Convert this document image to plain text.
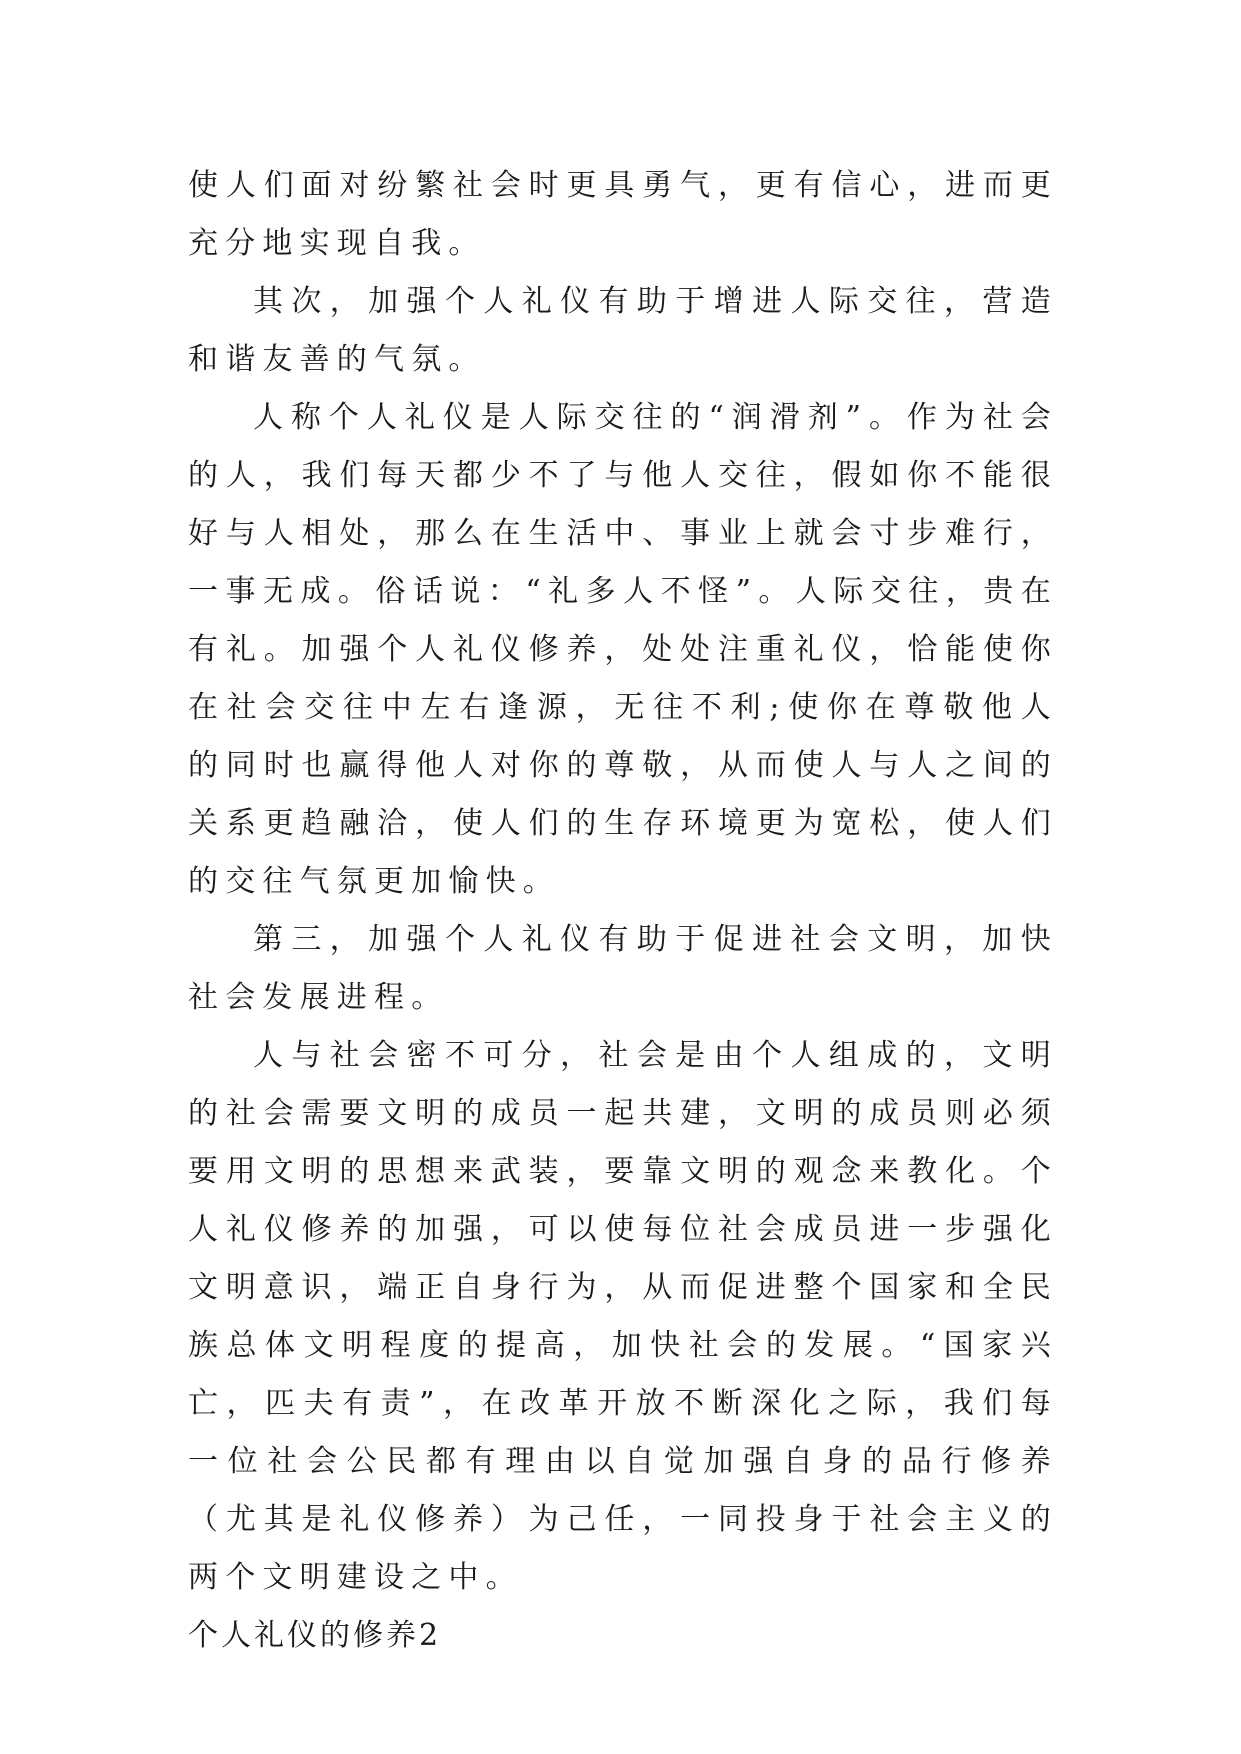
使人们面对纷繁社会时更具勇气，更有信心，进而更充分地实现自我。

其次，加强个人礼仪有助于增进人际交往，营造和谐友善的气氛。

人称个人礼仪是人际交往的“润滑剂”。作为社会的人，我们每天都少不了与他人交往，假如你不能很好与人相处，那么在生活中、事业上就会寸步难行，一事无成。俗话说：“礼多人不怪”。人际交往，贵在有礼。加强个人礼仪修养，处处注重礼仪，恰能使你在社会交往中左右逢源，无往不利;使你在尊敬他人的同时也赢得他人对你的尊敬，从而使人与人之间的关系更趋融洽，使人们的生存环境更为宽松，使人们的交往气氛更加愉快。

第三，加强个人礼仪有助于促进社会文明，加快社会发展进程。

人与社会密不可分，社会是由个人组成的，文明的社会需要文明的成员一起共建，文明的成员则必须要用文明的思想来武装，要靠文明的观念来教化。个人礼仪修养的加强，可以使每位社会成员进一步强化文明意识，端正自身行为，从而促进整个国家和全民族总体文明程度的提高，加快社会的发展。“国家兴亡，匹夫有责”，在改革开放不断深化之际，我们每一位社会公民都有理由以自觉加强自身的品行修养（尤其是礼仪修养）为己任，一同投身于社会主义的两个文明建设之中。

个人礼仪的修养2
